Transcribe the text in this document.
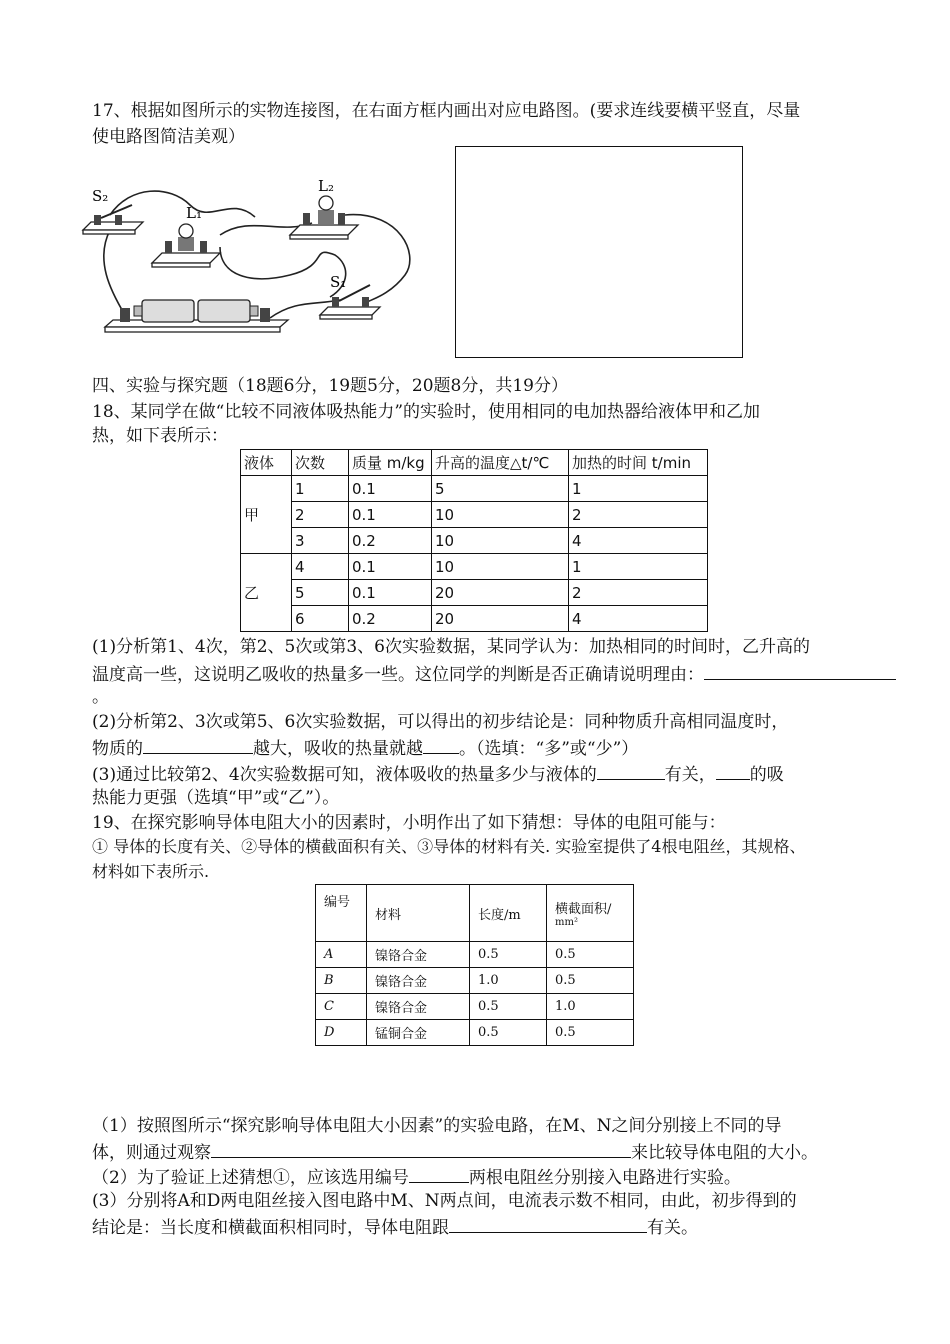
17、根据如图所示的实物连接图，在右面方框内画出对应电路图。(要求连线要横平竖直，尽量
使电路图简洁美观）
S₂
L₁
L₂
S₁
四、实验与探究题（18题6分，19题5分，20题8分，共19分）
18、某同学在做“比较不同液体吸热能力”的实验时，使用相同的电加热器给液体甲和乙加
热，如下表所示：
液体	次数	质量 m/kg	升高的温度△t/℃	加热的时间 t/min
甲	1	0.1	5	1
	2	0.1	10	2
	3	0.2	10	4
乙	4	0.1	10	1
	5	0.1	20	2
	6	0.2	20	4
(1)分析第1、4次，第2、5次或第3、6次实验数据，某同学认为：加热相同的时间时，乙升高的
温度高一些，这说明乙吸收的热量多一些。这位同学的判断是否正确请说明理由：
。
(2)分析第2、3次或第5、6次实验数据，可以得出的初步结论是：同种物质升高相同温度时，
物质的	越大，吸收的热量就越 。（选填：“多”或“少”）
(3)通过比较第2、4次实验数据可知，液体吸收的热量多少与液体的	有关， 的吸
热能力更强（选填“甲”或“乙”）。
19、在探究影响导体电阻大小的因素时，小明作出了如下猜想：导体的电阻可能与：
① 导体的长度有关、②导体的横截面积有关、③导体的材料有关. 实验室提供了4根电阻丝，其规格、
材料如下表所示.
编号	材料	长度/m	横截面积/
mm²

A	镍铬合金	0.5	0.5
B	镍铬合金	1.0	0.5
C	镍铬合金	0.5	1.0
D	锰铜合金	0.5	0.5
（1）按照图所示“探究影响导体电阻大小因素”的实验电路，在M、N之间分别接上不同的导
体，则通过观察	来比较导体电阻的大小。
（2）为了验证上述猜想①，应该选用编号	两根电阻丝分别接入电路进行实验。
(3）分别将A和D两电阻丝接入图电路中M、N两点间，电流表示数不相同，由此，初步得到的
结论是：当长度和横截面积相同时，导体电阻跟	有关。
